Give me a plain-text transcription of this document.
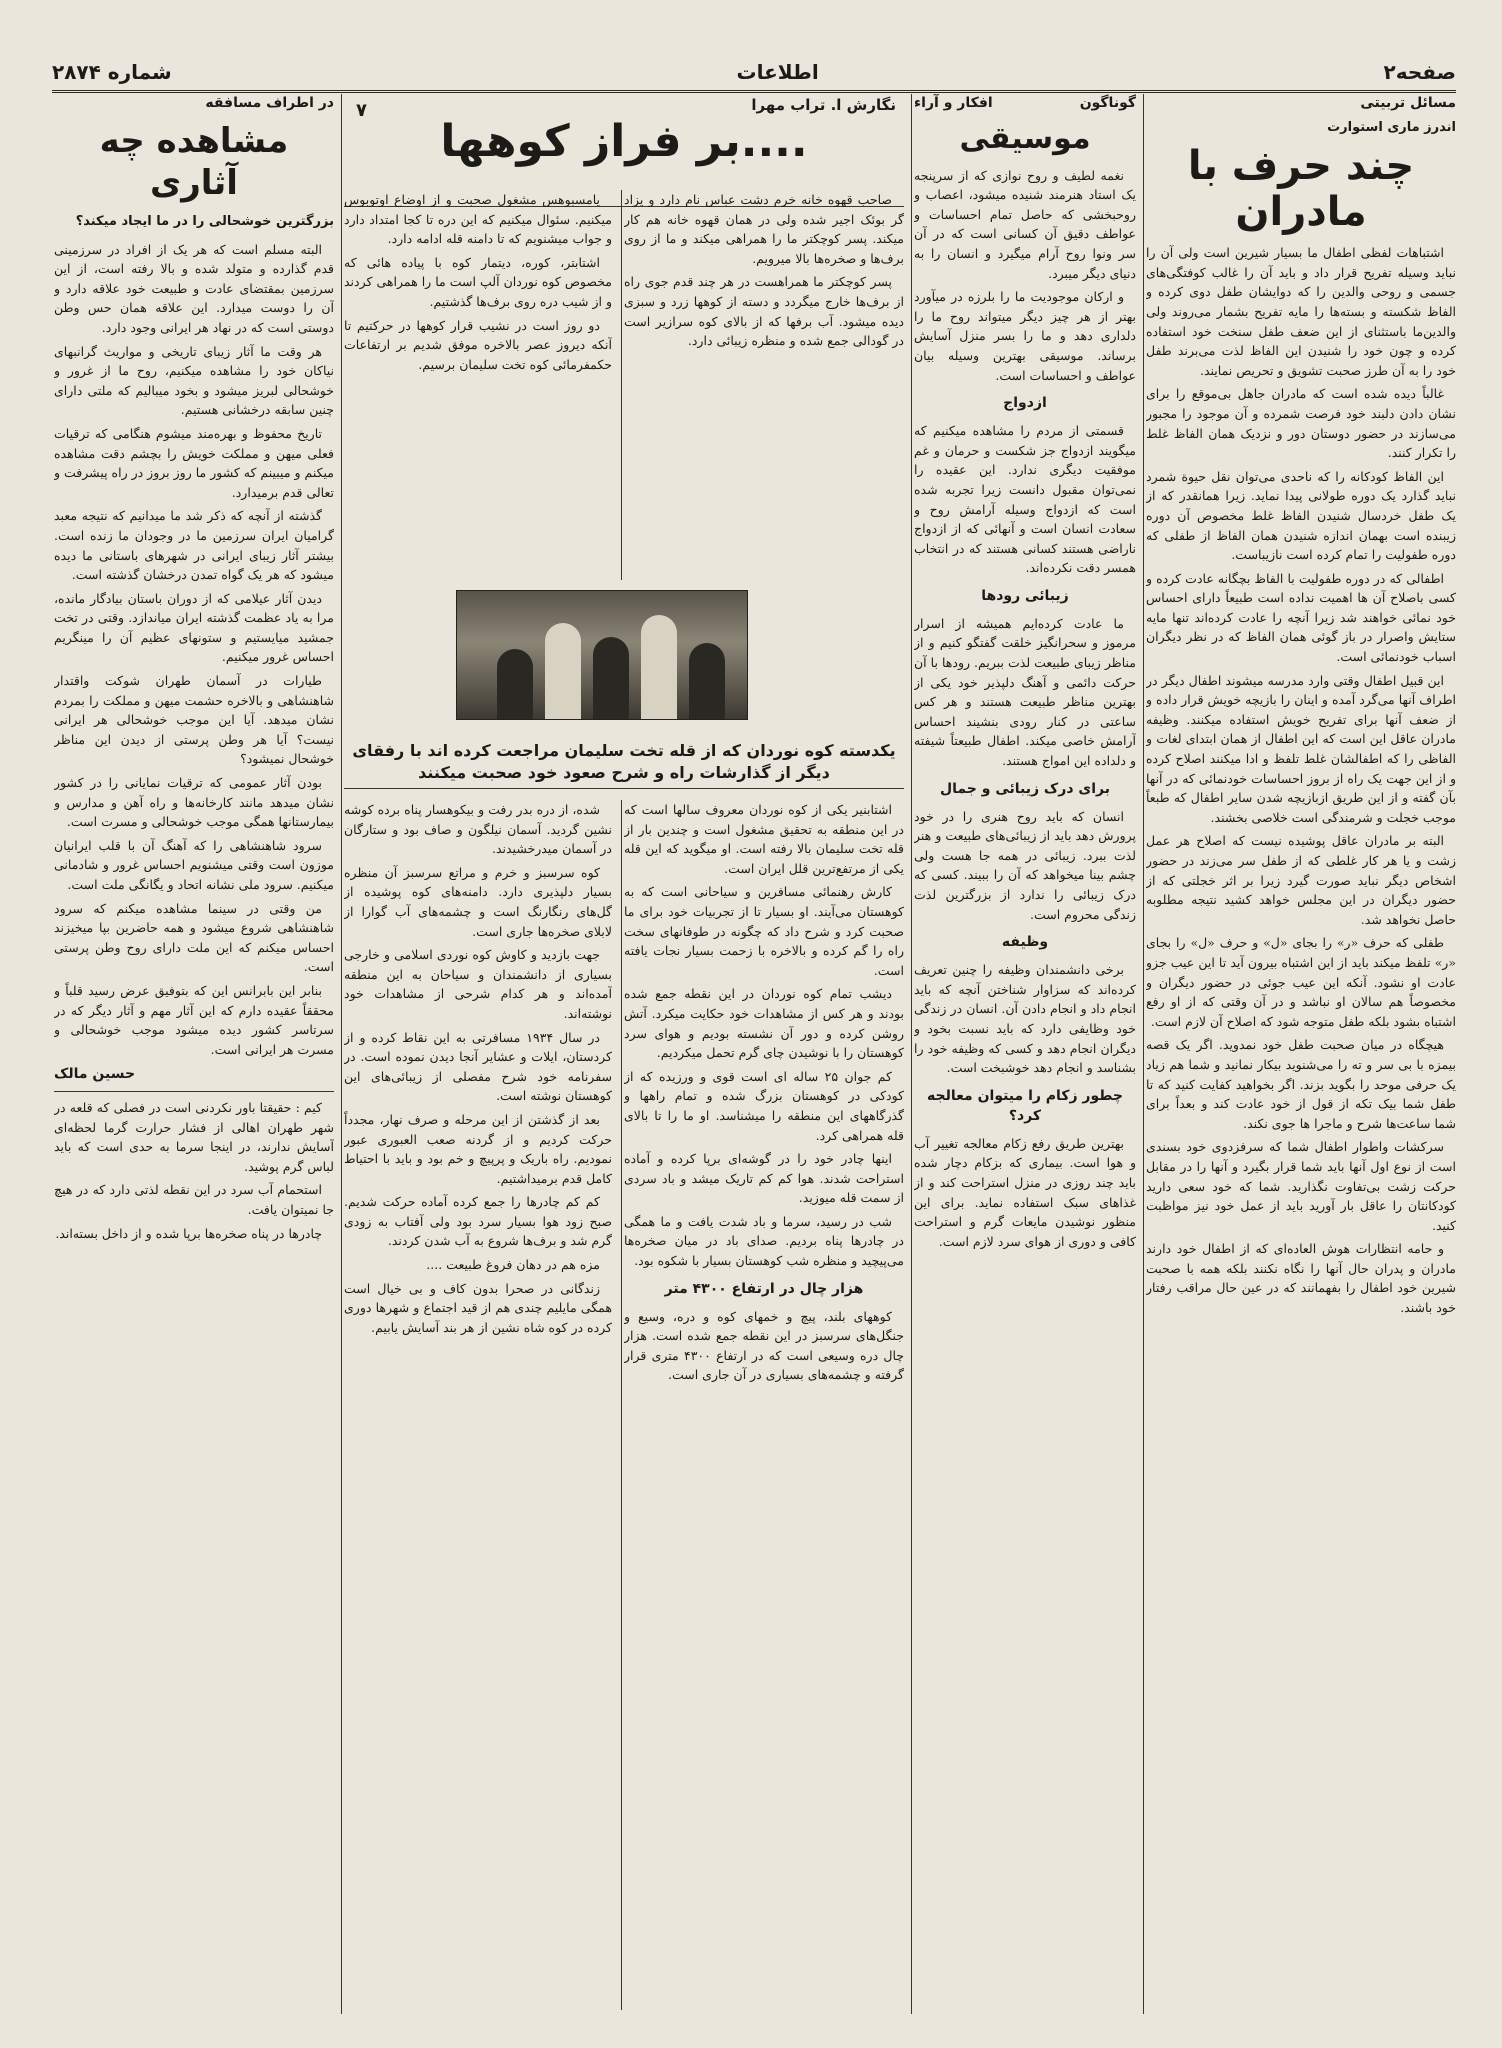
صفحه۲
اطلاعات
شماره ۲۸۷۴
مسائل تربیتی
اندرز ماری استوارت
چند حرف با مادران

اشتباهات لفظی اطفال ما بسیار شیرین است ولی آن را نباید وسیله تفریح قرار داد و باید آن را غالب کوفتگی‌های جسمی و روحی والدین را که دوایشان طفل دوی کرده و الفاظ شکسته و بسته‌ها را مایه تفریح بشمار می‌روند ولی والدین‌ما باستثنای از این ضعف طفل سنخت خود استفاده کرده و چون خود را شنیدن این الفاظ لذت می‌برند طفل خود را به آن طرز صحبت تشویق و تحریص نمایند.

غالباً دیده شده است که مادران جاهل بی‌موقع را برای نشان دادن دلبند خود فرصت شمرده و آن موجود را مجبور می‌سازند در حضور دوستان دور و نزدیک همان الفاظ غلط را تکرار کنند.

این الفاظ کودکانه را که ناحدی می‌توان نقل حیوة شمرد نباید گذارد یک دوره طولانی پیدا نماید. زیرا همانقدر که از یک طفل خردسال شنیدن الفاظ غلط مخصوص آن دوره زیبنده است بهمان اندازه شنیدن همان الفاظ از طفلی که دوره طفولیت را تمام کرده است نازیباست.

اطفالی که در دوره طفولیت با الفاظ بچگانه عادت کرده و کسی باصلاح آن ها اهمیت نداده است طبیعاً دارای احساس خود نمائی خواهند شد زیرا آنچه را عادت کرده‌اند تنها مایه ستایش واصرار در باز گوئی همان الفاظ که در نظر دیگران اسباب خودنمائی است.

این قبیل اطفال وقتی وارد مدرسه میشوند اطفال دیگر در اطراف آنها می‌گرد آمده و اینان را بازیچه خویش قرار داده و از ضعف آنها برای تفریح خویش استفاده میکنند. وظیفه مادران عاقل این است که این اطفال از همان ابتدای لغات و الفاظی را که اطفالشان غلط تلفظ و ادا میکنند اصلاح کرده و از این جهت یک راه از بروز احساسات خودنمائی که در آنها بآن گفته و از این طریق ازبازیچه شدن سایر اطفال که طبعاً موجب خجلت و شرمندگی است خلاصی بخشند.

البته بر مادران عاقل پوشیده نیست که اصلاح هر عمل زشت و یا هر کار غلطی که از طفل سر می‌زند در حضور اشخاص دیگر نباید صورت گیرد زیرا بر اثر خجلتی که از حضور دیگران در این مجلس خواهد کشید نتیجه مطلوبه حاصل نخواهد شد.

طفلی که حرف «ر» را بجای «ل» و حرف «ل» را بجای «ر» تلفظ میکند باید از این اشتباه بیرون آید تا این عیب جزو عادت او نشود. آنکه این عیب جوئی در حضور دیگران و مخصوصاً هم سالان او نباشد و در آن وقتی که از او رفع اشتباه بشود بلکه طفل متوجه شود که اصلاح آن لازم است.

هیچگاه در میان صحبت طفل خود نمدوید. اگر یک قصه بیمزه با بی سر و ته را می‌شنوید بیکار نمانید و شما هم زیاد یک حرفی موحد را بگوید بزند. اگر بخواهید کفایت کنید که تا طفل شما بیک تکه از قول از خود عادت کند و بعداً برای شما ساعت‌ها شرح و ماجرا ها جوی ‌نکند.

سرکشات واطوار اطفال شما که سرفزدوی خود بسندی است از نوع اول آنها باید شما قرار بگیرد و آنها را در مقابل حرکت زشت بی‌تفاوت نگذارید. شما که خود سعی دارید کودکانتان را عاقل بار آورید باید از عمل خود نیز مواظبت کنید.

و حامه انتظارات هوش العاده‌ای که از اطفال خود دارند مادران و پدران حال آنها را نگاه نکنند بلکه همه با صحبت شیرین خود اطفال را بفهمانند که در عین حال مراقب رفتار خود باشند.

گوناگون
افکار و آراء
موسیقی

نغمه لطیف و روح نوازی که از سرپنجه یک استاد هنرمند شنیده میشود، اعصاب و روحبخشی که حاصل تمام احساسات و عواطف دقیق آن کسانی است که در آن سر ونوا روح آرام میگیرد و انسان را به دنیای دیگر میبرد.

و ارکان موجودیت ما را بلرزه در میآورد بهتر از هر چیز دیگر میتواند روح ما را دلداری دهد و ما را بسر منزل آسایش برساند. موسیقی بهترین وسیله بیان عواطف و احساسات است.

ازدواج

قسمتی از مردم را مشاهده میکنیم که میگویند ازدواج جز شکست و حرمان و غم موفقیت دیگری ندارد. این عقیده را نمی‌توان مقبول دانست زیرا تجربه شده است که ازدواج وسیله آرامش روح و سعادت انسان است و آنهائی که از ازدواج ناراضی هستند کسانی هستند که در انتخاب همسر دقت نکرده‌اند.

زیبائی رودها

ما عادت کرده‌ایم همیشه از اسرار مرموز و سحرانگیز خلقت گفتگو کنیم و از مناظر زیبای طبیعت لذت ببریم. رودها با آن حرکت دائمی و آهنگ دلپذیر خود یکی از بهترین مناظر طبیعت هستند و هر کس ساعتی در کنار رودی بنشیند احساس آرامش خاصی میکند. اطفال طبیعتاً شیفته و دلداده این امواج هستند.

برای درک زیبائی و جمال

انسان که باید روح هنری را در خود پرورش دهد باید از زیبائی‌های طبیعت و هنر لذت ببرد. زیبائی در همه جا هست ولی چشم بینا میخواهد که آن را ببیند. کسی که درک زیبائی را ندارد از بزرگترین لذت زندگی محروم است.

وظیفه

برخی دانشمندان وظیفه را چنین تعریف کرده‌اند که سزاوار شناختن آنچه که باید انجام داد و انجام دادن آن. انسان در زندگی خود وظایفی دارد که باید نسبت بخود و دیگران انجام دهد و کسی که وظیفه خود را بشناسد و انجام دهد خوشبخت است.

چطور زکام را میتوان معالجه کرد؟

بهترین طریق رفع زکام معالجه تغییر آب و هوا است. بیماری که بزکام دچار شده باید چند روزی در منزل استراحت کند و از غذاهای سبک استفاده نماید. برای این منظور نوشیدن مایعات گرم و استراحت کافی و دوری از هوای سرد لازم است.

نگارش ا. تراب مهرا
۷
....بر فراز کوهها

صاحب قهوه خانه خرم دشت عباس نام دارد و یزاد گر بوئک اجیر شده ولی در همان قهوه خانه هم کار میکند. پسر کوچکتر ما را همراهی میکند و ما از روی برف‌ها و صخره‌ها بالا میرویم.

پسر کوچکتر ما همراهست در هر چند قدم جوی راه از برف‌ها خارج میگردد و دسته از کوهها زرد و سبزی دیده میشود. آب برفها که از بالای کوه سرازیر است در گودالی جمع شده و منظره زیبائی دارد.

یامسبوهس مشغول صحبت و از اوضاع اوتوبوس میکنیم. سئوال میکنیم که این دره تا کجا امتداد دارد و جواب میشنویم که تا دامنه قله ادامه دارد.

اشتابتر، کوره، دیتمار کوه با پیاده هائی که مخصوص کوه نوردان آلپ است ما را همراهی کردند و از شیب دره روی برف‌ها گذشتیم.

دو روز است در نشیب قرار کوهها در حرکتیم تا آنکه دیروز عصر بالاخره موفق شدیم بر ارتفاعات حکمفرمائی کوه تخت سلیمان برسیم.

یکدسته کوه نوردان که از قله تخت سلیمان مراجعت کرده اند با رفقای دیگر از گذارشات راه و شرح صعود خود صحبت میکنند

اشتابنیر یکی از کوه نوردان معروف سالها است که در این منطقه به تحقیق مشغول است و چندین بار از قله تخت سلیمان بالا رفته است. او میگوید که این قله یکی از مرتفع‌ترین قلل ایران است.

کارش رهنمائی مسافرین و سیاحانی است که به کوهستان می‌آیند. او بسیار تا از تجربیات خود برای ما صحبت کرد و شرح داد که چگونه در طوفانهای سخت راه را گم کرده و بالاخره با زحمت بسیار نجات یافته است.

دیشب تمام کوه نوردان در این نقطه جمع شده بودند و هر کس از مشاهدات خود حکایت میکرد. آتش روشن کرده و دور آن نشسته بودیم و هوای سرد کوهستان را با نوشیدن چای گرم تحمل میکردیم.

کم جوان ۲۵ ساله ای است قوی و ورزیده که از کودکی در کوهستان بزرگ شده و تمام راهها و گذرگاههای این منطقه را میشناسد. او ما را تا بالای قله همراهی کرد.

اینها چادر خود را در گوشه‌ای برپا کرده و آماده استراحت شدند. هوا کم کم تاریک میشد و باد سردی از سمت قله میوزید.

شب در رسید، سرما و باد شدت یافت و ما همگی در چادرها پناه بردیم. صدای باد در میان صخره‌ها می‌پیچید و منظره شب کوهستان بسیار با شکوه بود.

هزار چال در ارتفاع ۴۳۰۰ متر

کوههای بلند، پیچ و خمهای کوه و دره، وسیع و جنگل‌های سرسبز در این نقطه جمع شده است. هزار چال دره وسیعی است که در ارتفاع ۴۳۰۰ متری قرار گرفته و چشمه‌های بسیاری در آن جاری است.

شده، از دره بدر رفت و بیکوهسار پناه برده کوشه نشین گردید. آسمان نیلگون و صاف بود و ستارگان در آسمان میدرخشیدند.

کوه سرسبز و خرم و مراتع سرسبز آن منظره بسیار دلپذیری دارد. دامنه‌های کوه پوشیده از گل‌های رنگارنگ است و چشمه‌های آب گوارا از لابلای صخره‌ها جاری است.

جهت بازدید و کاوش کوه نوردی اسلامی و خارجی بسیاری از دانشمندان و سیاحان به این منطقه آمده‌اند و هر کدام شرحی از مشاهدات خود نوشته‌اند.

در سال ۱۹۳۴ مسافرتی به این نقاط کرده و از کردستان، ایلات و عشایر آنجا دیدن نموده است. در سفرنامه خود شرح مفصلی از زیبائی‌های این کوهستان نوشته است.

بعد از گذشتن از این مرحله و صرف نهار، مجدداً حرکت کردیم و از گردنه صعب العبوری عبور نمودیم. راه باریک و پرپیچ و خم بود و باید با احتیاط کامل قدم برمیداشتیم.

کم کم چادرها را جمع کرده آماده حرکت شدیم. صبح زود هوا بسیار سرد بود ولی آفتاب به زودی گرم شد و برف‌ها شروع به آب شدن کردند.

مزه هم در دهان فروغ طبیعت ....

زندگانی در صحرا بدون کاف و بی خیال است همگی مایلیم چندی هم از قید اجتماع و شهرها دوری کرده در کوه شاه نشین از هر بند آسایش یابیم.

در اطراف مسافقه
مشاهده چه آثاری
بزرگترین خوشحالی را در ما ایجاد میکند؟

البته مسلم است که هر یک از افراد در سرزمینی قدم گذارده و متولد شده و بالا رفته است، از این سرزمین بمقتضای عادت و طبیعت خود علاقه دارد و آن را دوست میدارد. این علاقه همان حس وطن دوستی است که در نهاد هر ایرانی وجود دارد.

هر وقت ما آثار زیبای تاریخی و مواریث گرانبهای نیاکان خود را مشاهده میکنیم، روح ما از غرور و خوشحالی لبریز میشود و بخود میبالیم که ملتی دارای چنین سابقه درخشانی هستیم.

تاریخ محفوظ و بهره‌مند میشوم هنگامی که ترقیات فعلی میهن و مملکت خویش را بچشم دقت مشاهده میکنم و میبینم که کشور ما روز بروز در راه پیشرفت و تعالی قدم برمیدارد.

گذشته از آنچه که ذکر شد ما میدانیم که نتیجه معبد گرامیان ایران سرزمین ما در وجودان ما زنده است. بیشتر آثار زیبای ایرانی در شهرهای باستانی ما دیده میشود که هر یک گواه تمدن درخشان گذشته است.

دیدن آثار عیلامی که از دوران باستان بیادگار مانده، مرا به یاد عظمت گذشته ایران میاندازد. وقتی در تخت جمشید میایستیم و ستونهای عظیم آن را مینگریم احساس غرور میکنیم.

طیارات در آسمان طهران شوکت واقتدار شاهنشاهی و بالاخره حشمت میهن و مملکت را بمردم نشان میدهد. آیا این موجب خوشحالی هر ایرانی نیست؟ آیا هر وطن پرستی از دیدن این مناظر خوشحال نمیشود؟

بودن آثار عمومی که ترقیات نمایانی را در کشور نشان میدهد مانند کارخانه‌ها و راه آهن و مدارس و بیمارستانها همگی موجب خوشحالی و مسرت است.

سرود شاهنشاهی را که آهنگ آن با قلب ایرانیان موزون است وقتی میشنویم احساس غرور و شادمانی میکنیم. سرود ملی نشانه اتحاد و یگانگی ملت است.

من وقتی در سینما مشاهده میکنم که سرود شاهنشاهی شروع میشود و همه حاضرین بپا میخیزند احساس میکنم که این ملت دارای روح وطن پرستی است.

بنابر این بابرانس این که بتوفیق عرض رسید قلباً و محققاً عقیده دارم که این آثار مهم و آثار دیگر که در سرتاسر کشور دیده میشود موجب خوشحالی و مسرت هر ایرانی است.

حسین مالک

کیم : حقیقتا باور نکردنی است در فصلی که قلعه در شهر طهران اهالی از فشار حرارت گرما لحظه‌ای آسایش ندارند، در اینجا سرما به حدی است که باید لباس گرم پوشید.

استحمام آب سرد در این نقطه لذتی دارد که در هیچ جا نمیتوان یافت.

چادرها در پناه صخره‌ها برپا شده و از داخل بسته‌اند.
